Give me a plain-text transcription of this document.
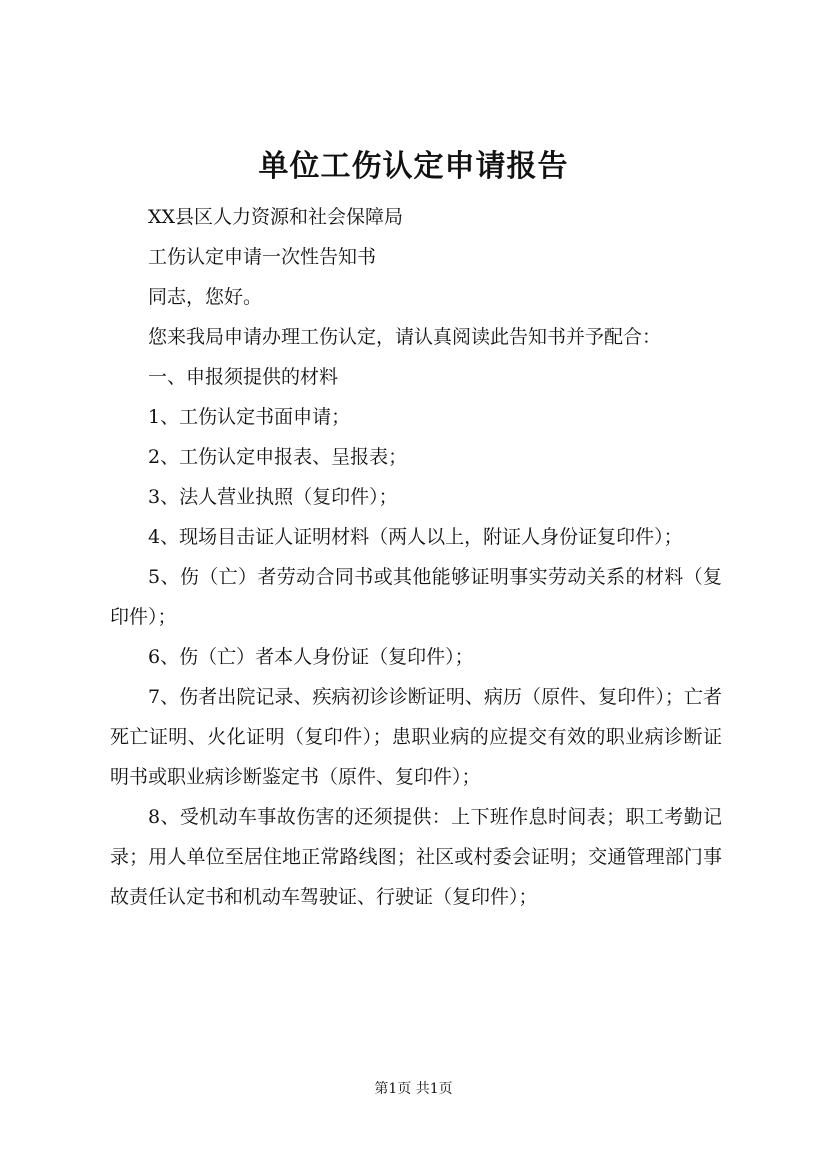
单位工伤认定申请报告

XX县区人力资源和社会保障局

工伤认定申请一次性告知书

同志，您好。

您来我局申请办理工伤认定，请认真阅读此告知书并予配合：

一、申报须提供的材料

1、工伤认定书面申请；

2、工伤认定申报表、呈报表；

3、法人营业执照（复印件）；

4、现场目击证人证明材料（两人以上，附证人身份证复印件）；

5、伤（亡）者劳动合同书或其他能够证明事实劳动关系的材料（复印件）；

6、伤（亡）者本人身份证（复印件）；

7、伤者出院记录、疾病初诊诊断证明、病历（原件、复印件）；亡者死亡证明、火化证明（复印件）；患职业病的应提交有效的职业病诊断证明书或职业病诊断鉴定书（原件、复印件）；

8、受机动车事故伤害的还须提供：上下班作息时间表；职工考勤记录；用人单位至居住地正常路线图；社区或村委会证明；交通管理部门事故责任认定书和机动车驾驶证、行驶证（复印件）；

第1页 共1页
